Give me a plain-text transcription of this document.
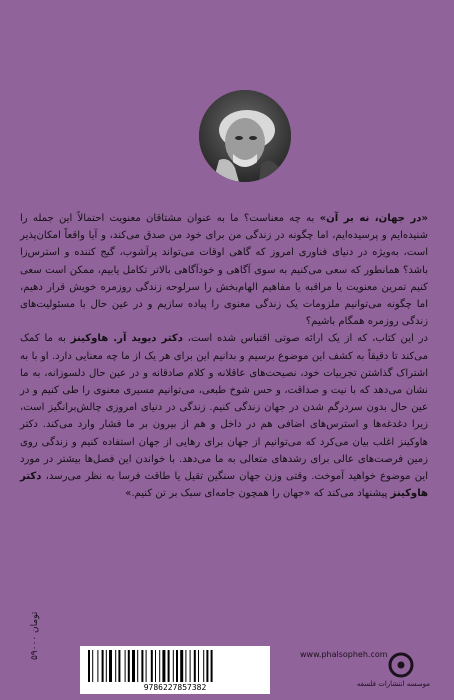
«در جهان، نه بر آن» به چه معناست؟ ما به عنوان مشتاقان معنویت احتمالاً این جمله را شنیده‌ایم و پرسیده‌ایم، اما چگونه در زندگی من برای خود من صدق می‌کند، و آیا واقعاً امکان‌پذیر است، به‌ویژه در دنیای فناوری امروز که گاهی اوقات می‌تواند پرآشوب، گیج کننده و استرس‌زا باشد؟ همانطور که سعی می‌کنیم به سوی آگاهی و خودآگاهی بالاتر تکامل یابیم، ممکن است سعی کنیم تمرین معنویت یا مراقبه یا مفاهیم الهام‌بخش را سرلوحه زندگی روزمره خویش قرار دهیم، اما چگونه می‌توانیم ملزومات یک زندگی معنوی را پیاده سازیم و در عین حال با مسئولیت‌های زندگی روزمره همگام باشیم؟

در این کتاب، که از یک ارائه صوتی اقتباس شده است، دکتر دیوید آر. هاوکینز به ما کمک می‌کند تا دقیقاً به کشف این موضوع برسیم و بدانیم این برای هر یک از ما چه معنایی دارد. او با به اشتراک گذاشتن تجربیات خود، نصیحت‌های عاقلانه و کلام صادقانه و در عین حال دلسوزانه، به ما نشان می‌دهد که با نیت و صداقت، و حس شوخ طبعی، می‌توانیم مسیری معنوی را طی کنیم و در عین حال بدون سردرگم شدن در جهان زندگی کنیم. زندگی در دنیای امروزی چالش‌برانگیز است، زیرا دغدغه‌ها و استرس‌های اضافی هم در داخل و هم از بیرون بر ما فشار وارد می‌کند. دکتر هاوکینز اغلب بیان می‌کرد که می‌توانیم از جهان برای رهایی از جهان استفاده کنیم و زندگی روی زمین فرصت‌های عالی برای رشدهای متعالی به ما می‌دهد. با خواندن این فصل‌ها بیشتر در مورد این موضوع خواهید آموخت. وقتی وزن جهان سنگین تقیل یا طاقت فرسا به نظر می‌رسد، دکتر هاوکینز پیشنهاد می‌کند که «جهان را همچون جامه‌ای سبک بر تن کنیم.»

۵۹۰۰۰ تومان
9786227857382
www.phalsopheh.com
موسسه انتشارات فلسفه
